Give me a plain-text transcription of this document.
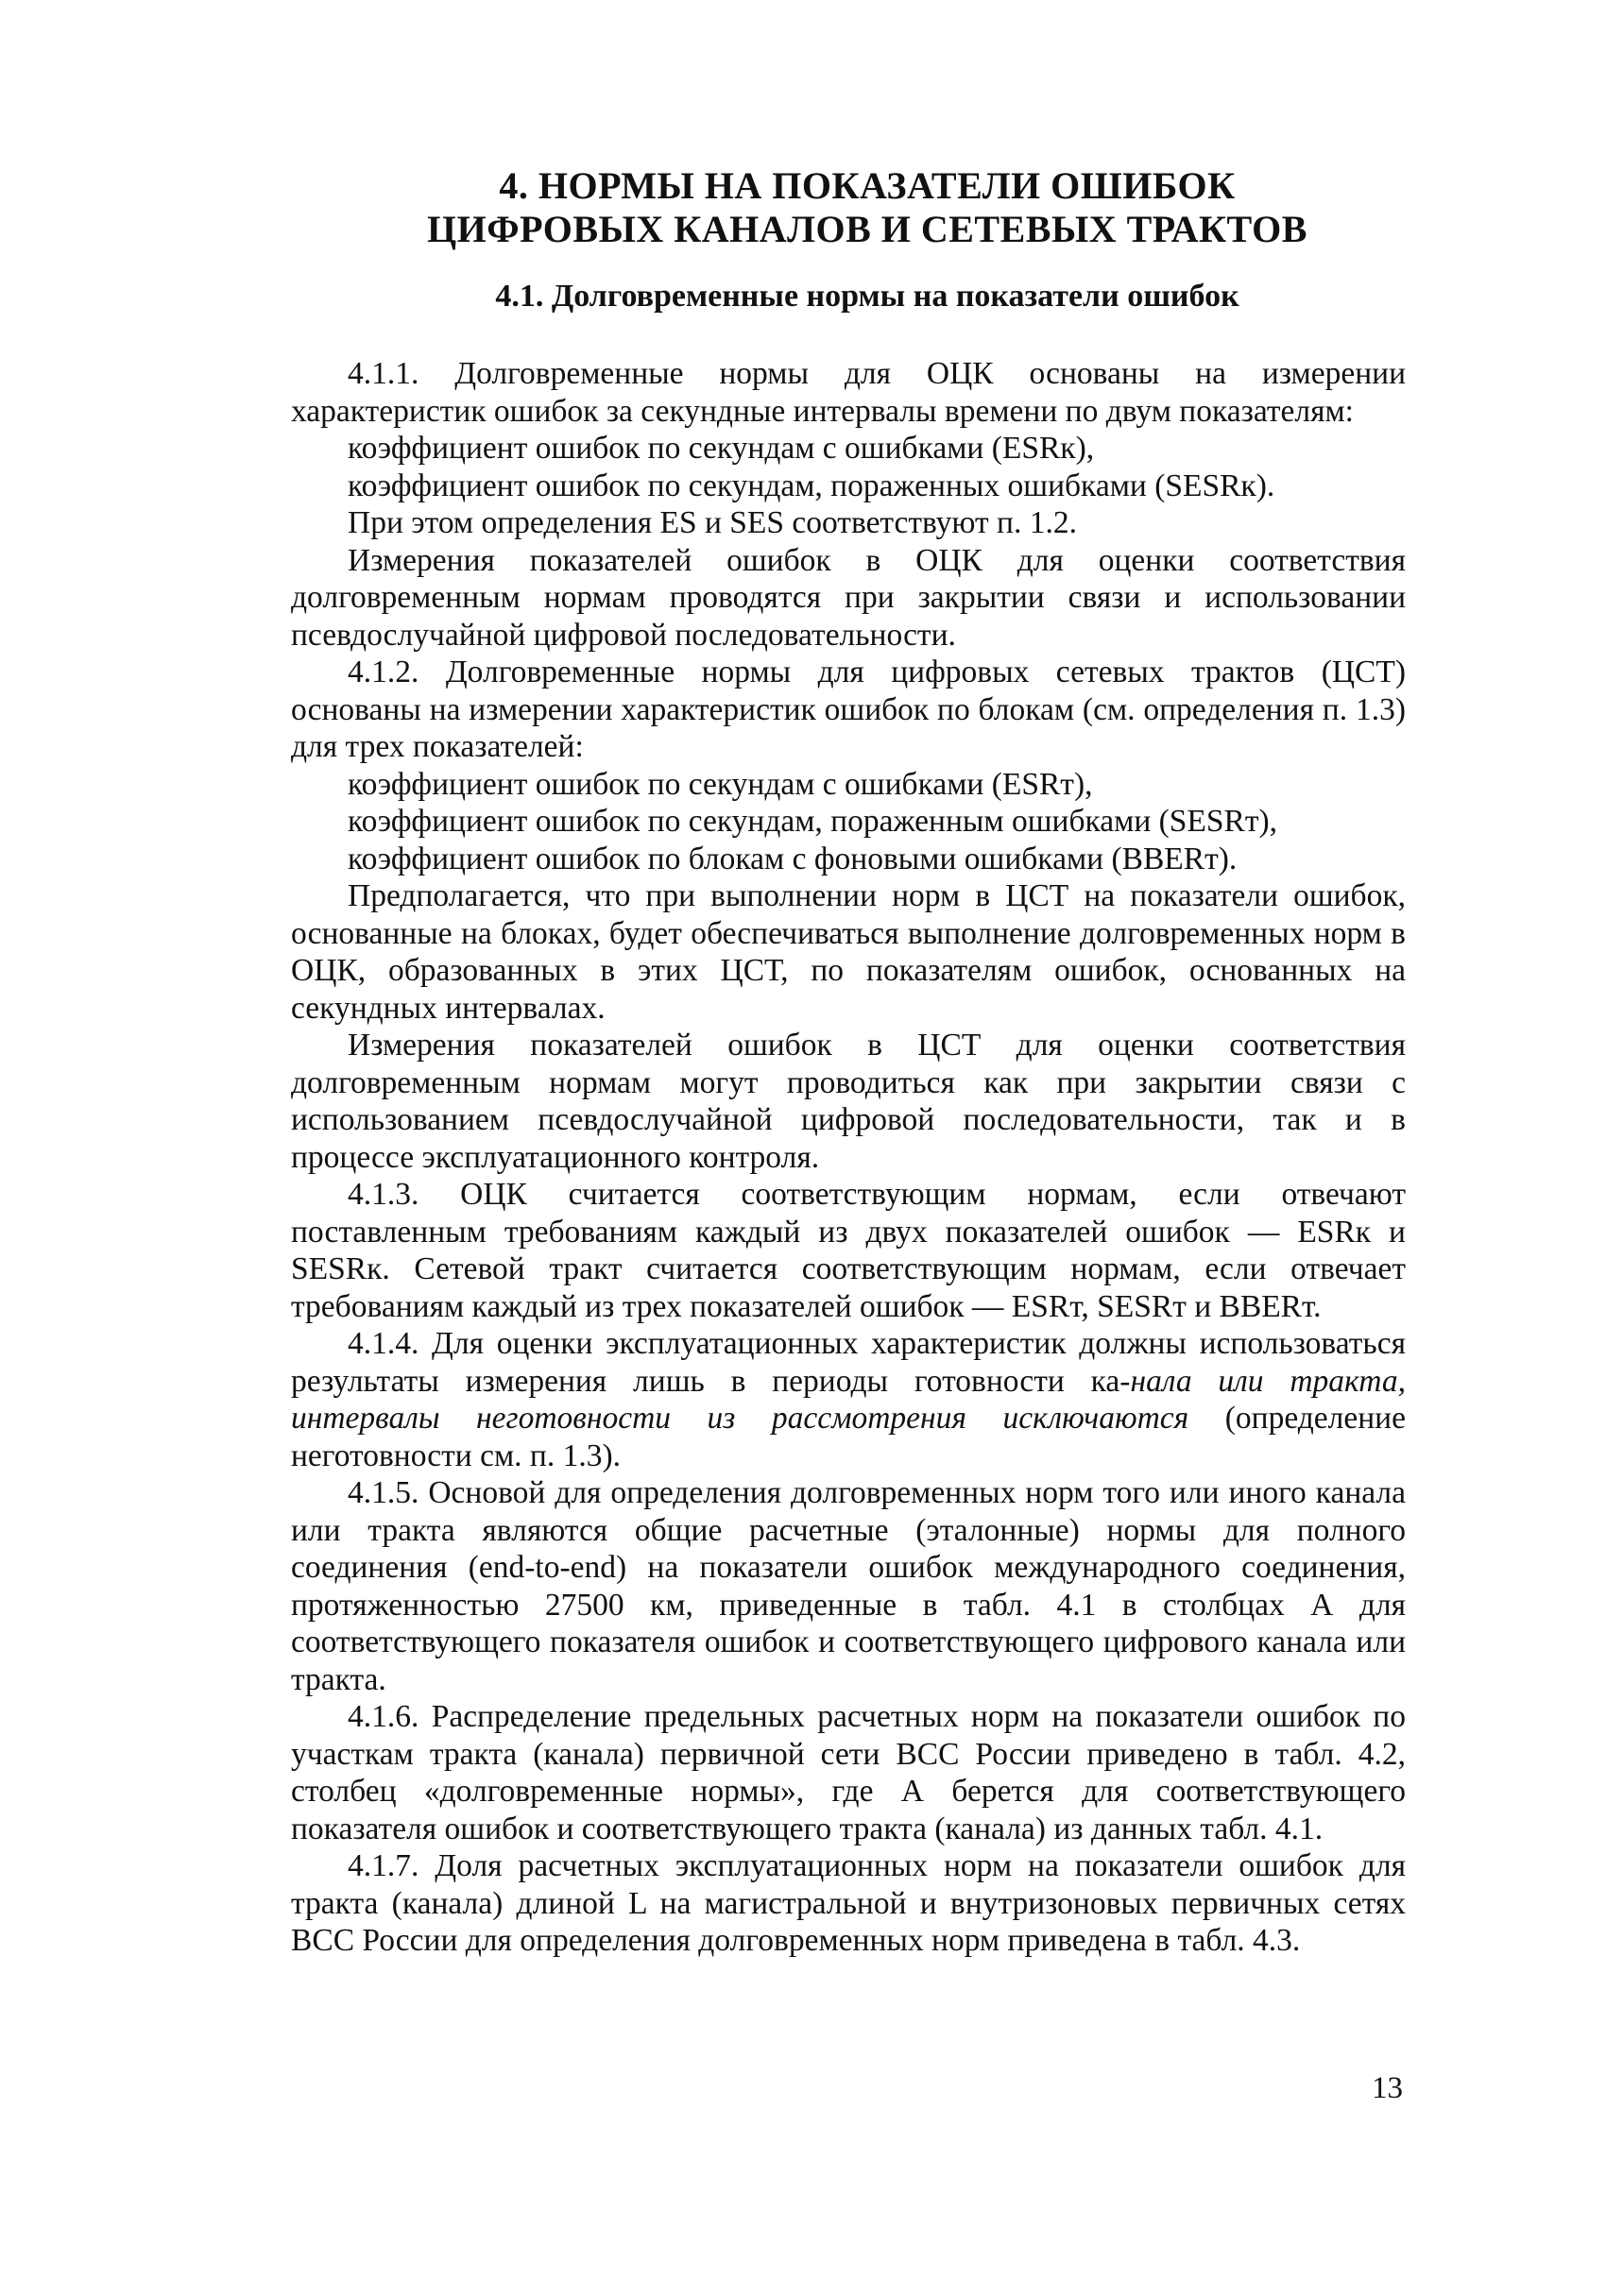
4. НОРМЫ НА ПОКАЗАТЕЛИ ОШИБОК
ЦИФРОВЫХ КАНАЛОВ И СЕТЕВЫХ ТРАКТОВ
4.1. Долговременные нормы на показатели ошибок

4.1.1. Долговременные нормы для ОЦК основаны на измерении характеристик ошибок за секундные интервалы времени по двум показателям:

коэффициент ошибок по секундам с ошибками (ESRк),

коэффициент ошибок по секундам, пораженных ошибками (SESRк).

При этом определения ES и SES соответствуют п. 1.2.

Измерения показателей ошибок в ОЦК для оценки соответствия долговременным нормам проводятся при закрытии связи и использовании псевдослучайной цифровой последовательности.

4.1.2. Долговременные нормы для цифровых сетевых трактов (ЦСТ) основаны на измерении характеристик ошибок по блокам (см. определения п. 1.3) для трех показателей:

коэффициент ошибок по секундам с ошибками (ESRт),

коэффициент ошибок по секундам, пораженным ошибками (SESRт),

коэффициент ошибок по блокам с фоновыми ошибками (BBERт).

Предполагается, что при выполнении норм в ЦСТ на показатели ошибок, основанные на блоках, будет обеспечиваться выполнение долговременных норм в ОЦК, образованных в этих ЦСТ, по показателям ошибок, основанных на секундных интервалах.

Измерения показателей ошибок в ЦСТ для оценки соответствия долговременным нормам могут проводиться как при закрытии связи с использованием псевдослучайной цифровой последовательности, так и в процессе эксплуатационного контроля.

4.1.3. ОЦК считается соответствующим нормам, если отвечают поставленным требованиям каждый из двух показателей ошибок — ESRк и SESRк. Сетевой тракт считается соответствующим нормам, если отвечает требованиям каждый из трех показателей ошибок — ESRт, SESRт и BBERт.

4.1.4. Для оценки эксплуатационных характеристик должны использоваться результаты измерения лишь в периоды готовности ка-нала или тракта, интервалы неготовности из рассмотрения исключаются (определение неготовности см. п. 1.3).

4.1.5. Основой для определения долговременных норм того или иного канала или тракта являются общие расчетные (эталонные) нормы для полного соединения (end-to-end) на показатели ошибок международного соединения, протяженностью 27500 км, приведенные в табл. 4.1 в столбцах А для соответствующего показателя ошибок и соответствующего цифрового канала или тракта.

4.1.6. Распределение предельных расчетных норм на показатели ошибок по участкам тракта (канала) первичной сети ВСС России приведено в табл. 4.2, столбец «долговременные нормы», где А берется для соответствующего показателя ошибок и соответствующего тракта (канала) из данных табл. 4.1.

4.1.7. Доля расчетных эксплуатационных норм на показатели ошибок для тракта (канала) длиной L на магистральной и внутризоновых первичных сетях ВСС России для определения долговременных норм приведена в табл. 4.3.

13
